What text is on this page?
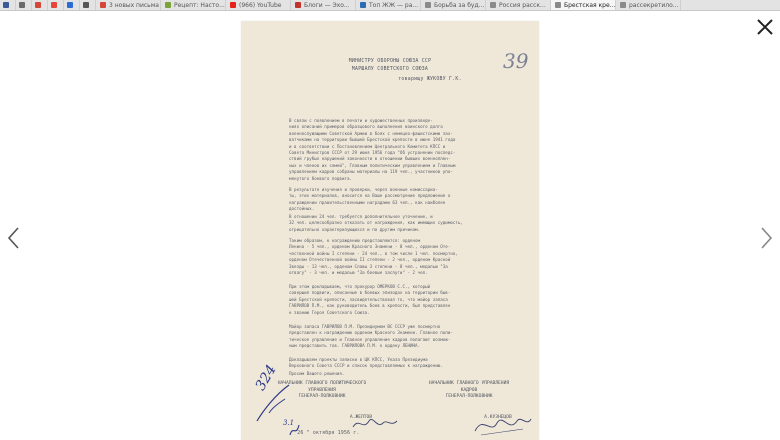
3 новых письма	Рецепт: Насто... (966) YouTube	Блоги — Эхо...	Топ ЖЖ — ра...	Борьба за буд... Россия расск...	Брестская кре... рассекретило...
МИНИСТРУ ОБОРОНЫ СОЮЗА ССР
МАРШАЛУ СОВЕТСКОГО СОЮЗА
товарищу ЖУКОВУ Г.К.
39
В связи с появлением в печати и художественных произведе-
ниях описаний примеров образцового выполнения воинского долга
военнослужащими Советской Армии в боях с немецко-фашистскими зах-
ватчиками на территории бывшей Брестской крепости в июне 1941 года
и в соответствии с Постановлением Центрального Комитета КПСС и
Совета Министров СССР от 29 июня 1956 года "Об устранении последс-
ствий грубых нарушений законности в отношении бывших военноплен-
ных и членов их семей", Главным политическим управлением и Главным
управлением кадров собраны материалы на 119 чел., участников упо-
мянутого боевого подвига.
В результате изучения и проверки, через военные комиссариа-
ты, этих материалов, вносится на Ваше рассмотрение предложение о
награждении правительственными наградами 63 чел., как наиболее
достойных.
В отношении 24 чел. требуется дополнительное уточнение, и
32 чел. целесообразно отказать от награждения, как имеющих судимость,
отрицательно характеризующихся и по другим причинам.
Таким образом, к награждению представляются: орденом
Ленина - 5 чел., орденом Красного Знамени - 8 чел., орденом Оте-
чественной войны I степени - 24 чел., в том числе 1 чел. посмертно,
орденом Отечественной войны II степени - 2 чел., орденом Красной
Звезды - 13 чел., орденом Славы 3 степени - 8 чел., медалью "За
отвагу" - 3 чел. и медалью "За боевые заслуги" - 2 чел.
При этом докладываем, что прокурор ОМЕРКОВ С.С., который
совершил подвиги, описанные в боевых эпизодах на территории быв-
шей Брестской крепости, засвидетельствовал то, что майор запаса
ГАВРИЛОВ П.М., как руководитель боев в крепости, был представлен
к званию Героя Советского Союза.
Майор запаса ГАВРИЛОВ П.М. Президиумом ВС СССР уже посмертно
представлен к награждению орденом Красного Знамени. Главное поли-
тическое управление и Главное управление кадров полагают возмож-
ным представить тов. ГАВРИЛОВА П.М. к ордену ЛЕНИНА.
Докладываем проекты записки в ЦК КПСС, Указа Президиума
Верховного Совета СССР и список представляемых к награждению.
Просим Вашего решения.
НАЧАЛЬНИК ГЛАВНОГО ПОЛИТИЧЕСКОГО
УПРАВЛЕНИЯ
ГЕНЕРАЛ-ПОЛКОВНИК
А.ЖЕЛТОВ
НАЧАЛЬНИК ГЛАВНОГО УПРАВЛЕНИЯ
КАДРОВ
ГЕНЕРАЛ-ПОЛКОВНИК
А.КУЗНЕЦОВ
" 26 " октября 1956 г.
324
3.1
